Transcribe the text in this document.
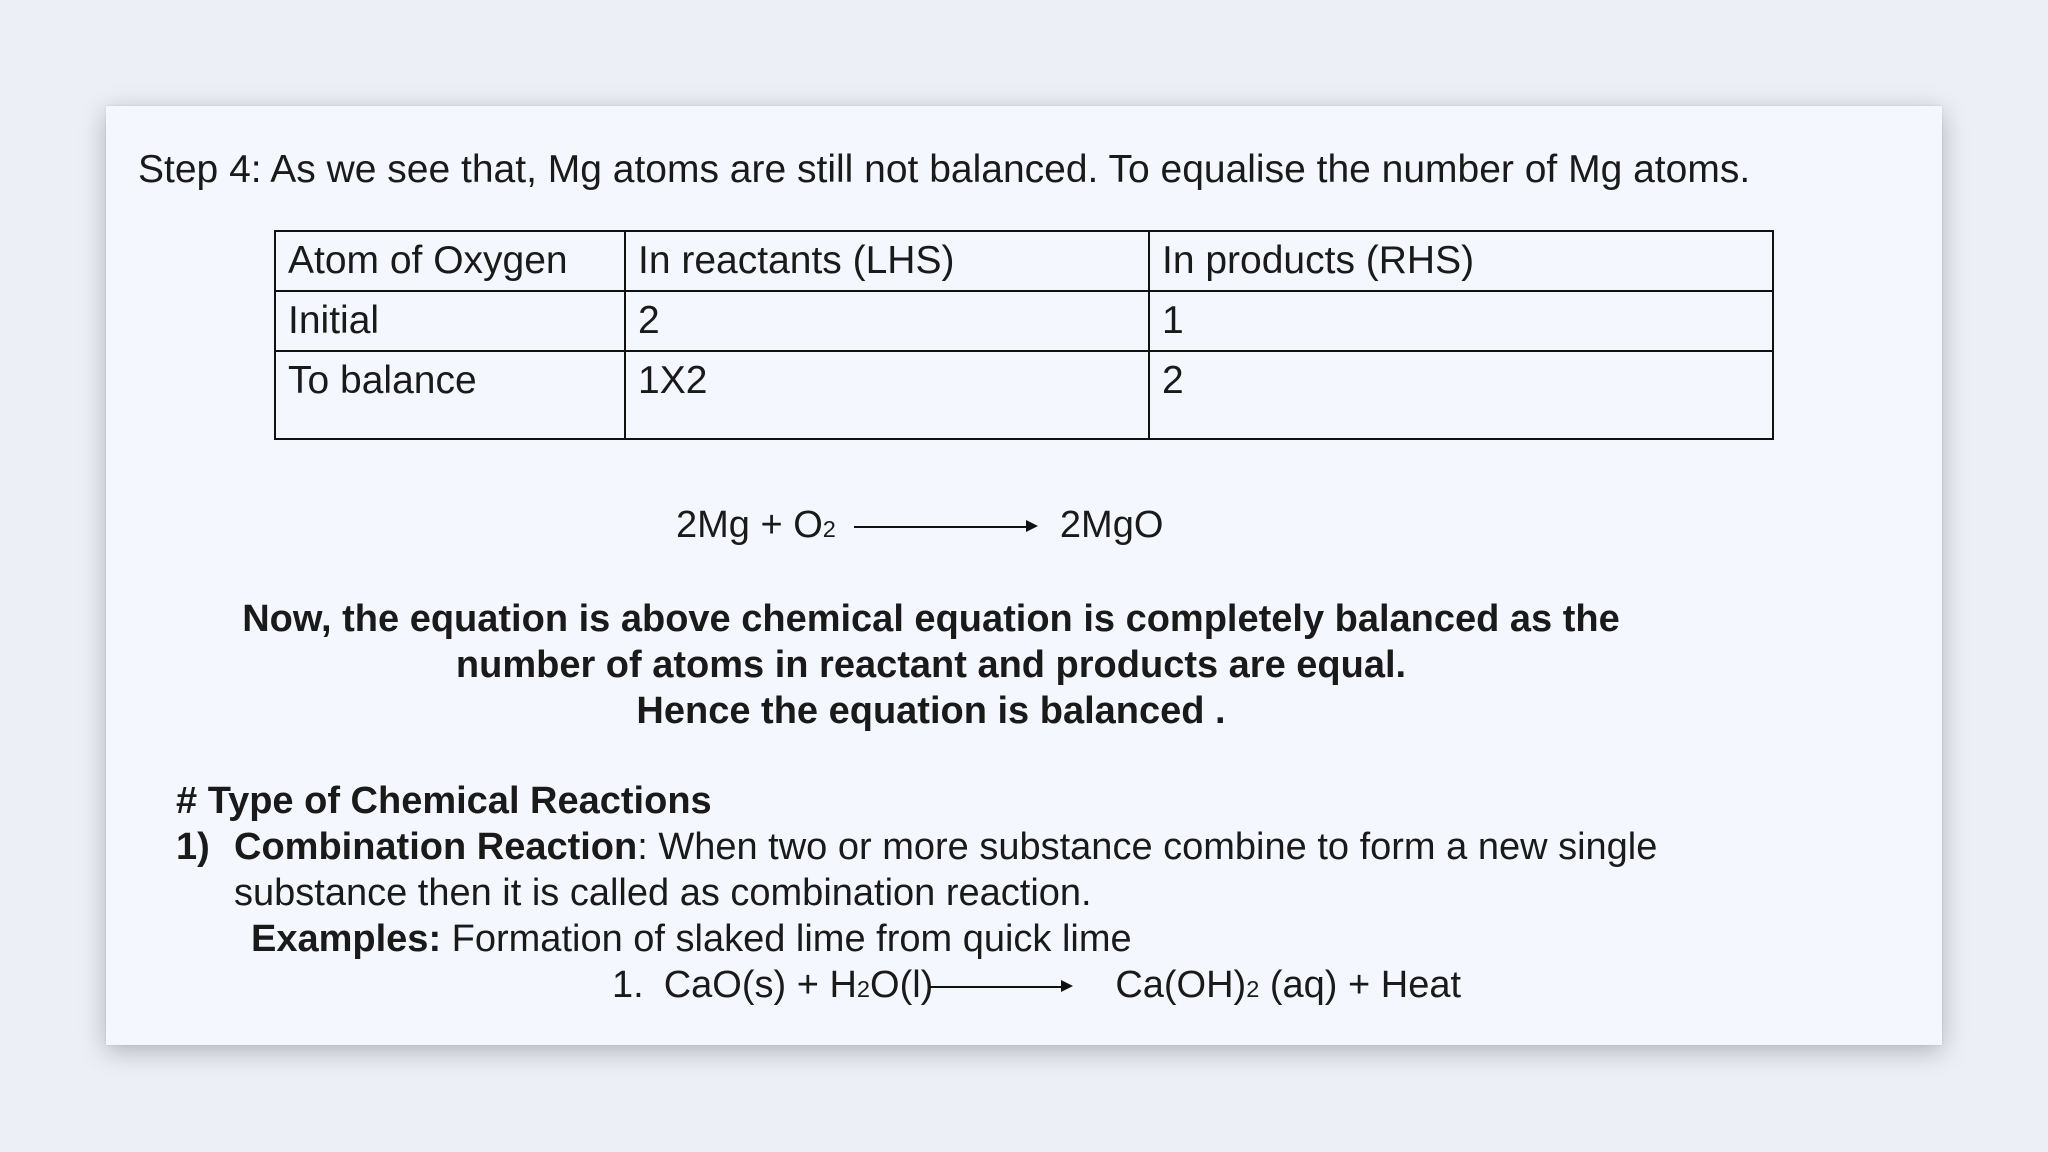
Step 4: As we see that, Mg atoms are still not balanced. To equalise the number of Mg atoms.
Atom of Oxygen	In reactants (LHS)	In products (RHS)
Initial	2	1
To balance	1X2	2
2Mg + O 2	2MgO
Now, the equation is above chemical equation is completely balanced as the
number of atoms in reactant and products are equal.
Hence the equation is balanced .
# Type of Chemical Reactions
1) Combination Reaction: When two or more substance combine to form a new single
substance then it is called as combination reaction.
Examples: Formation of slaked lime from quick lime
1. CaO(s) + H 2 O(l)	Ca(OH) 2 (aq) + Heat
